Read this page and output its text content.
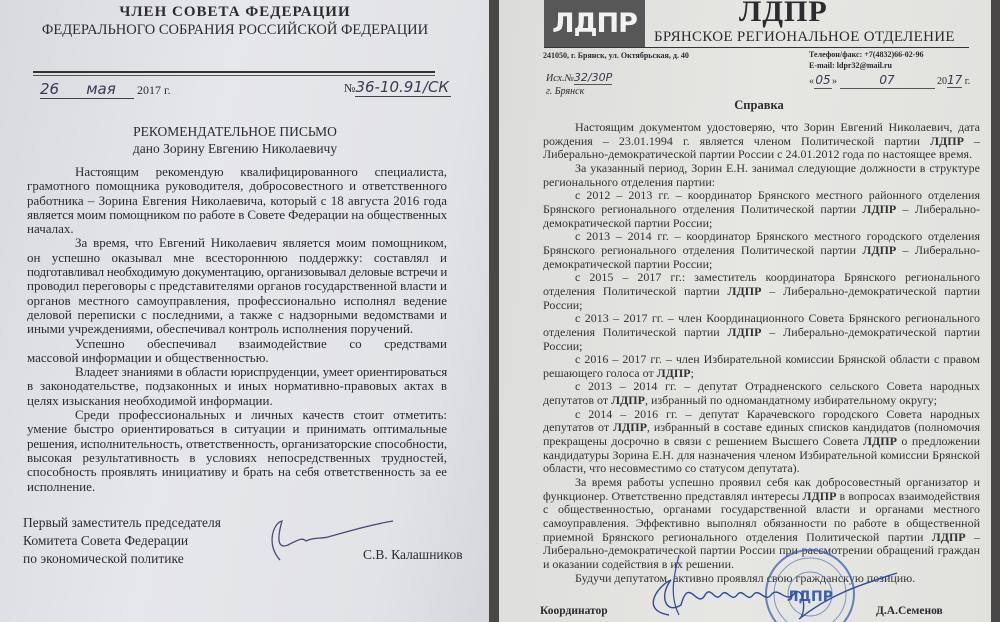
ЧЛЕН СОВЕТА ФЕДЕРАЦИИ
ФЕДЕРАЛЬНОГО СОБРАНИЯ РОССИЙСКОЙ ФЕДЕРАЦИИ
26 мая 2017 г.	№36-10.91/СК
РЕКОМЕНДАТЕЛЬНОЕ ПИСЬМО
дано Зорину Евгению Николаевичу
Настоящим рекомендую квалифицированного специалиста,
грамотного помощника руководителя, добросовестного и ответственного
работника – Зорина Евгения Николаевича, который с 18 августа 2016 года
является моим помощником по работе в Совете Федерации на общественных
началах.
За время, что Евгений Николаевич является моим помощником,
он успешно оказывал мне всестороннюю поддержку: составлял и
подготавливал необходимую документацию, организовывал деловые встречи и
проводил переговоры с представителями органов государственной власти и
органов местного самоуправления, профессионально исполнял ведение
деловой переписки с последними, а также с надзорными ведомствами и
иными учреждениями, обеспечивал контроль исполнения поручений.
Успешно обеспечивал взаимодействие со средствами
массовой информации и общественностью.
Владеет знаниями в области юриспруденции, умеет ориентироваться
в законодательстве, подзаконных и иных нормативно-правовых актах в
целях изыскания необходимой информации.
Среди профессиональных и личных качеств стоит отметить:
умение быстро ориентироваться в ситуации и принимать оптимальные
решения, исполнительность, ответственность, организаторские способности,
высокая результативность в условиях непосредственных трудностей,
способность проявлять инициативу и брать на себя ответственность за ее
исполнение.
Первый заместитель председателя
Комитета Совета Федерации
по экономической политике	С.В. Калашников
ЛДПР	ЛДПР
БРЯНСКОЕ РЕГИОНАЛЬНОЕ ОТДЕЛЕНИЕ
241050, г. Брянск, ул. Октябрьская, д. 40	Телефон/факс: +7(4832)66-02-96
E-mail: ldpr32@mail.ru
Исх.№32/30Р
г. Брянск
«05»	07	2017 г.
Справка
Настоящим документом удостоверяю, что Зорин Евгений Николаевич, дата
рождения – 23.01.1994 г. является членом Политической партии ЛДПР –
Либерально-демократической партии России с 24.01.2012 года по настоящее время.
За указанный период, Зорин Е.Н. занимал следующие должности в структуре
регионального отделения партии:
с 2012 – 2013 гг. – координатор Брянского местного районного отделения
Брянского регионального отделения Политической партии ЛДПР – Либерально-
демократической партии России;
с 2013 – 2014 гг. – координатор Брянского местного городского отделения
Брянского регионального отделения Политической партии ЛДПР – Либерально-
демократической партии России;
с 2015 – 2017 гг.: заместитель координатора Брянского регионального
отделения Политической партии ЛДПР – Либерально-демократической партии
России;
с 2013 – 2017 гг. – член Координационного Совета Брянского регионального
отделения Политической партии ЛДПР – Либерально-демократической партии
России;
с 2016 – 2017 гг. – член Избирательной комиссии Брянской области с правом
решающего голоса от ЛДПР;
с 2013 – 2014 гг. – депутат Отрадненского сельского Совета народных
депутатов от ЛДПР, избранный по одномандатному избирательному округу;
с 2014 – 2016 гг. – депутат Карачевского городского Совета народных
депутатов от ЛДПР, избранный в составе единых списков кандидатов (полномочия
прекращены досрочно в связи с решением Высшего Совета ЛДПР о предложении
кандидатуры Зорина Е.Н. для назначения членом Избирательной комиссии Брянской
области, что несовместимо со статусом депутата).
За время работы успешно проявил себя как добросовестный организатор и
функционер. Ответственно представлял интересы ЛДПР в вопросах взаимодействия
с общественностью, органами государственной власти и органами местного
самоуправления. Эффективно выполнял обязанности по работе в общественной
приемной Брянского регионального отделения Политической партии ЛДПР –
Либерально-демократической партии России при рассмотрении обращений граждан
и оказании содействия в их решении.
Будучи депутатом, активно проявлял свою гражданскую позицию.
ЛДПР
Координатор	Д.А.Семенов
